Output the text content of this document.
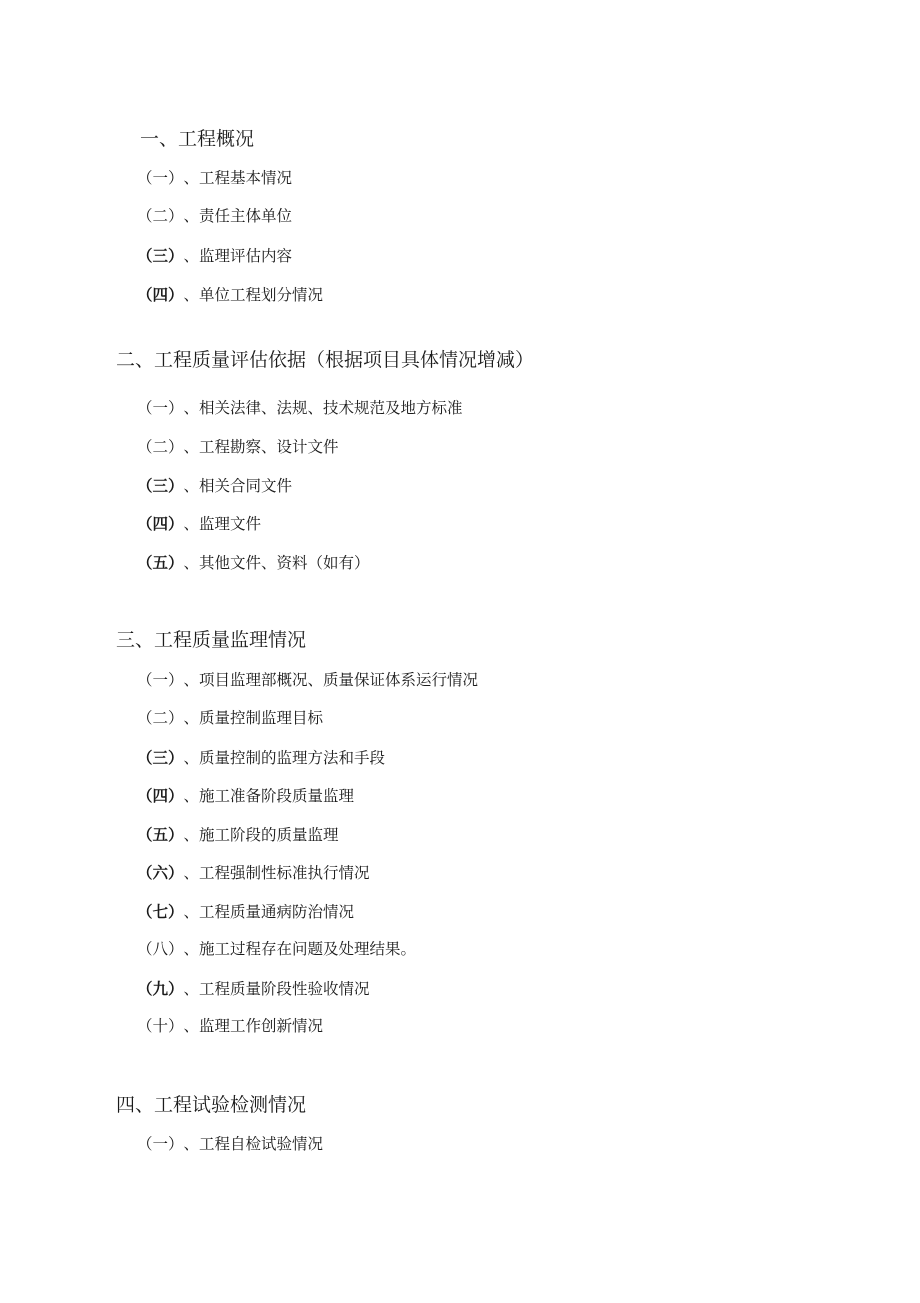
一、工程概况
（一）、工程基本情况
（二）、责任主体单位
（三）、监理评估内容
（四）、单位工程划分情况
二、工程质量评估依据（根据项目具体情况增减）
（一）、相关法律、法规、技术规范及地方标准
（二）、工程勘察、设计文件
（三）、相关合同文件
（四）、监理文件
（五）、其他文件、资料（如有）
三、工程质量监理情况
（一）、项目监理部概况、质量保证体系运行情况
（二）、质量控制监理目标
（三）、质量控制的监理方法和手段
（四）、施工准备阶段质量监理
（五）、施工阶段的质量监理
（六）、工程强制性标准执行情况
（七）、工程质量通病防治情况
（八）、施工过程存在问题及处理结果。
（九）、工程质量阶段性验收情况
（十）、监理工作创新情况
四、工程试验检测情况
（一）、工程自检试验情况
